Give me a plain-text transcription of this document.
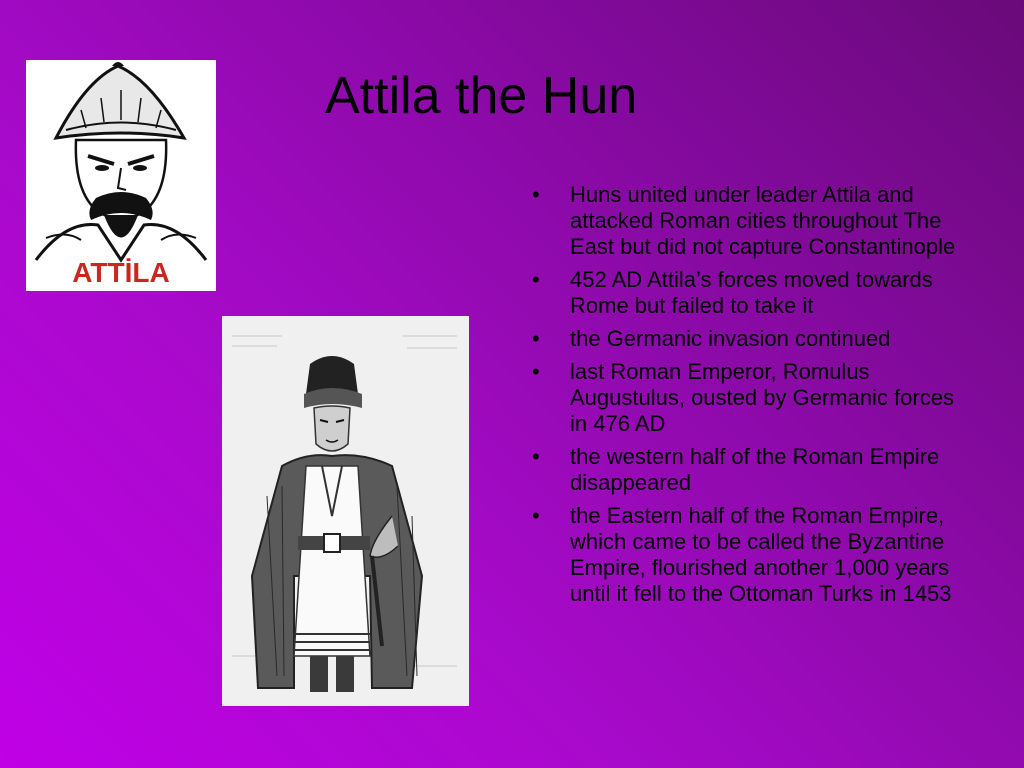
Attila the Hun
ATTİLA
•	Huns united under leader Attila and attacked Roman cities throughout The East but did not capture Constantinople
•	452 AD Attila’s forces moved towards Rome but failed to take it
•	the Germanic invasion continued
•	last Roman Emperor, Romulus Augustulus, ousted by Germanic forces in 476 AD
•	the western half of the Roman Empire disappeared
•	the Eastern half of the Roman Empire, which came to be called the Byzantine Empire, flourished another 1,000 years until it fell to the Ottoman Turks in 1453
